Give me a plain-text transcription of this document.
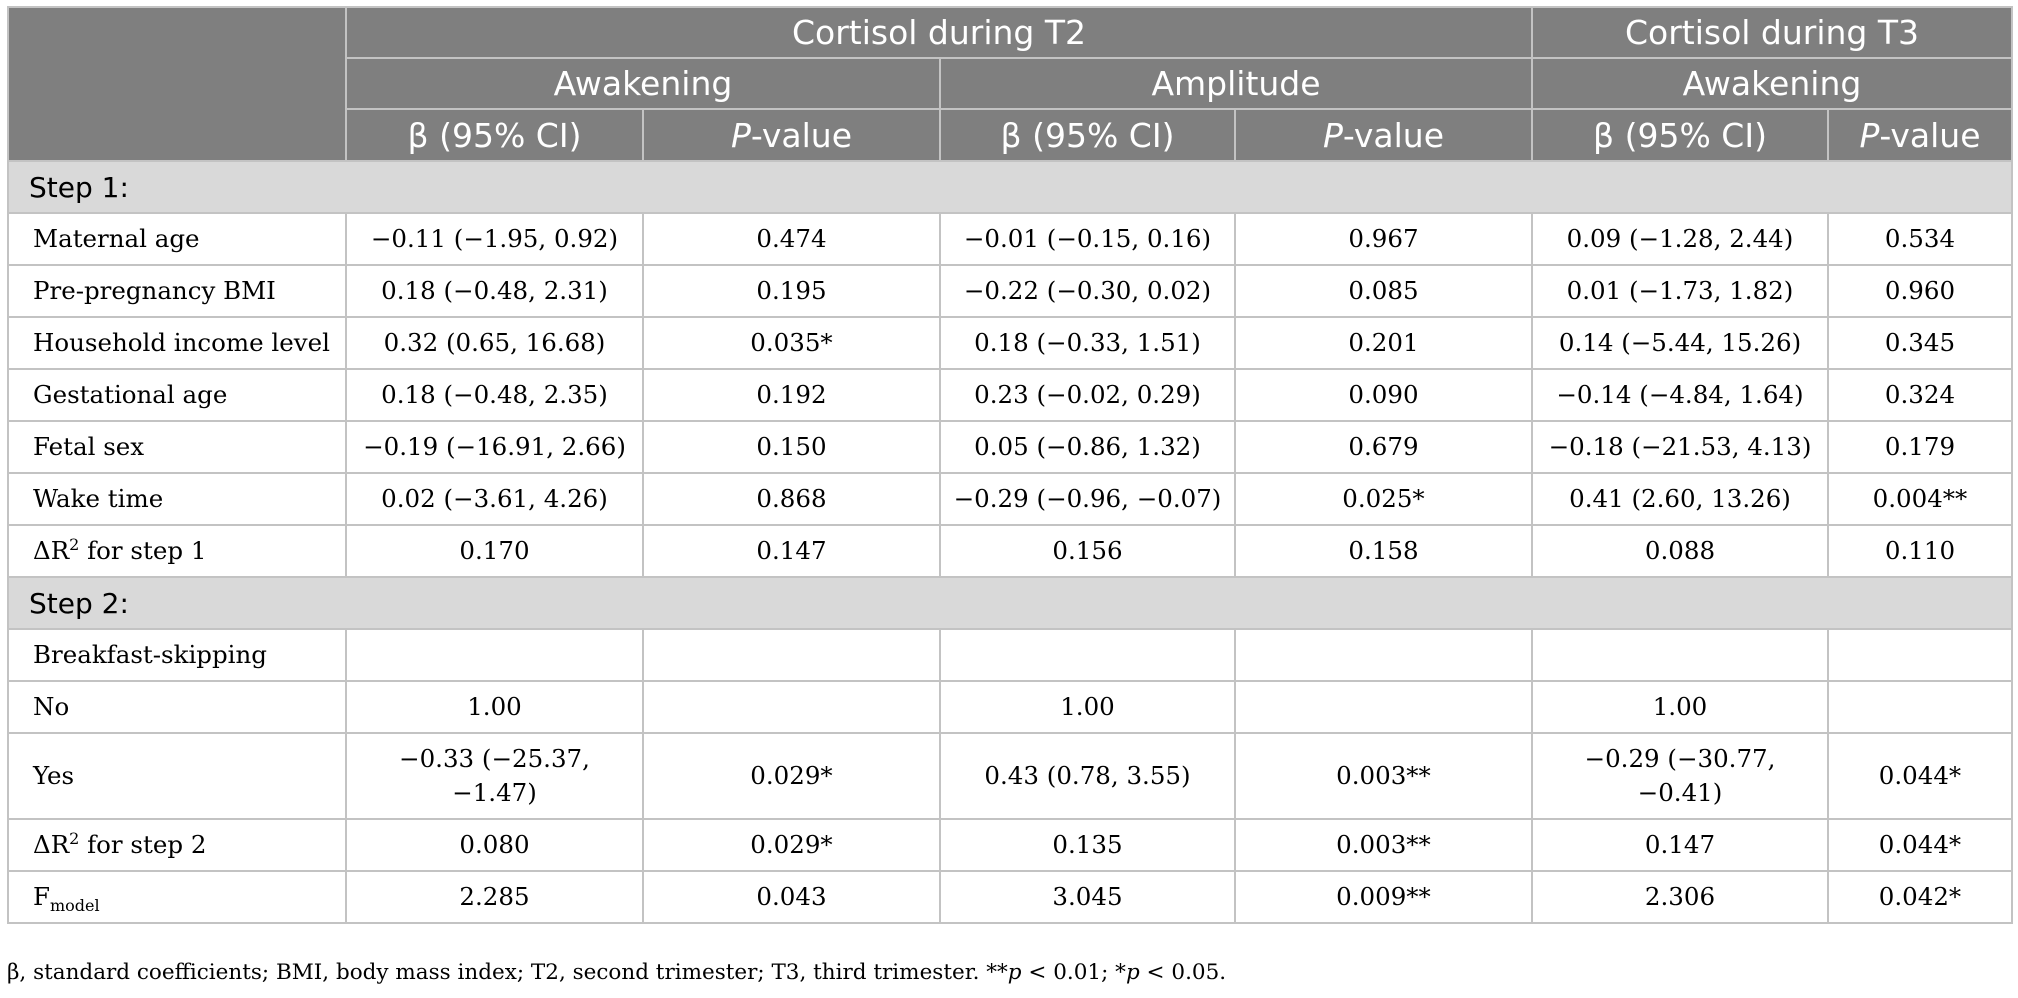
	Cortisol during T2				Cortisol during T3	
	Awakening		Amplitude		Awakening	
	β (95% CI)	P-value	β (95% CI)	P-value	β (95% CI)	P-value
Step 1:						
Maternal age	−0.11 (−1.95, 0.92)	0.474	−0.01 (−0.15, 0.16)	0.967	0.09 (−1.28, 2.44)	0.534
Pre-pregnancy BMI	0.18 (−0.48, 2.31)	0.195	−0.22 (−0.30, 0.02)	0.085	0.01 (−1.73, 1.82)	0.960
Household income level	0.32 (0.65, 16.68)	0.035*	0.18 (−0.33, 1.51)	0.201	0.14 (−5.44, 15.26)	0.345
Gestational age	0.18 (−0.48, 2.35)	0.192	0.23 (−0.02, 0.29)	0.090	−0.14 (−4.84, 1.64)	0.324
Fetal sex	−0.19 (−16.91, 2.66)	0.150	0.05 (−0.86, 1.32)	0.679	−0.18 (−21.53, 4.13)	0.179
Wake time	0.02 (−3.61, 4.26)	0.868	−0.29 (−0.96, −0.07)	0.025*	0.41 (2.60, 13.26)	0.004**
$\Delta R^2$ for step 1	0.170	0.147	0.156	0.158	0.088	0.110
Step 2:						
Breakfast-skipping						
No	1.00		1.00		1.00	
Yes	−0.33 (−25.37, −1.47)	0.029*	0.43 (0.78, 3.55)	0.003**	−0.29 (−30.77, −0.41)	0.044*
$\Delta R^2$ for step 2	0.080	0.029*	0.135	0.003**	0.147	0.044*
$F_{model}$	2.285	0.043	3.045	0.009**	2.306	0.042*
β, standard coefficients; BMI, body mass index; T2, second trimester; T3, third trimester. **p < 0.01; *p < 0.05.
